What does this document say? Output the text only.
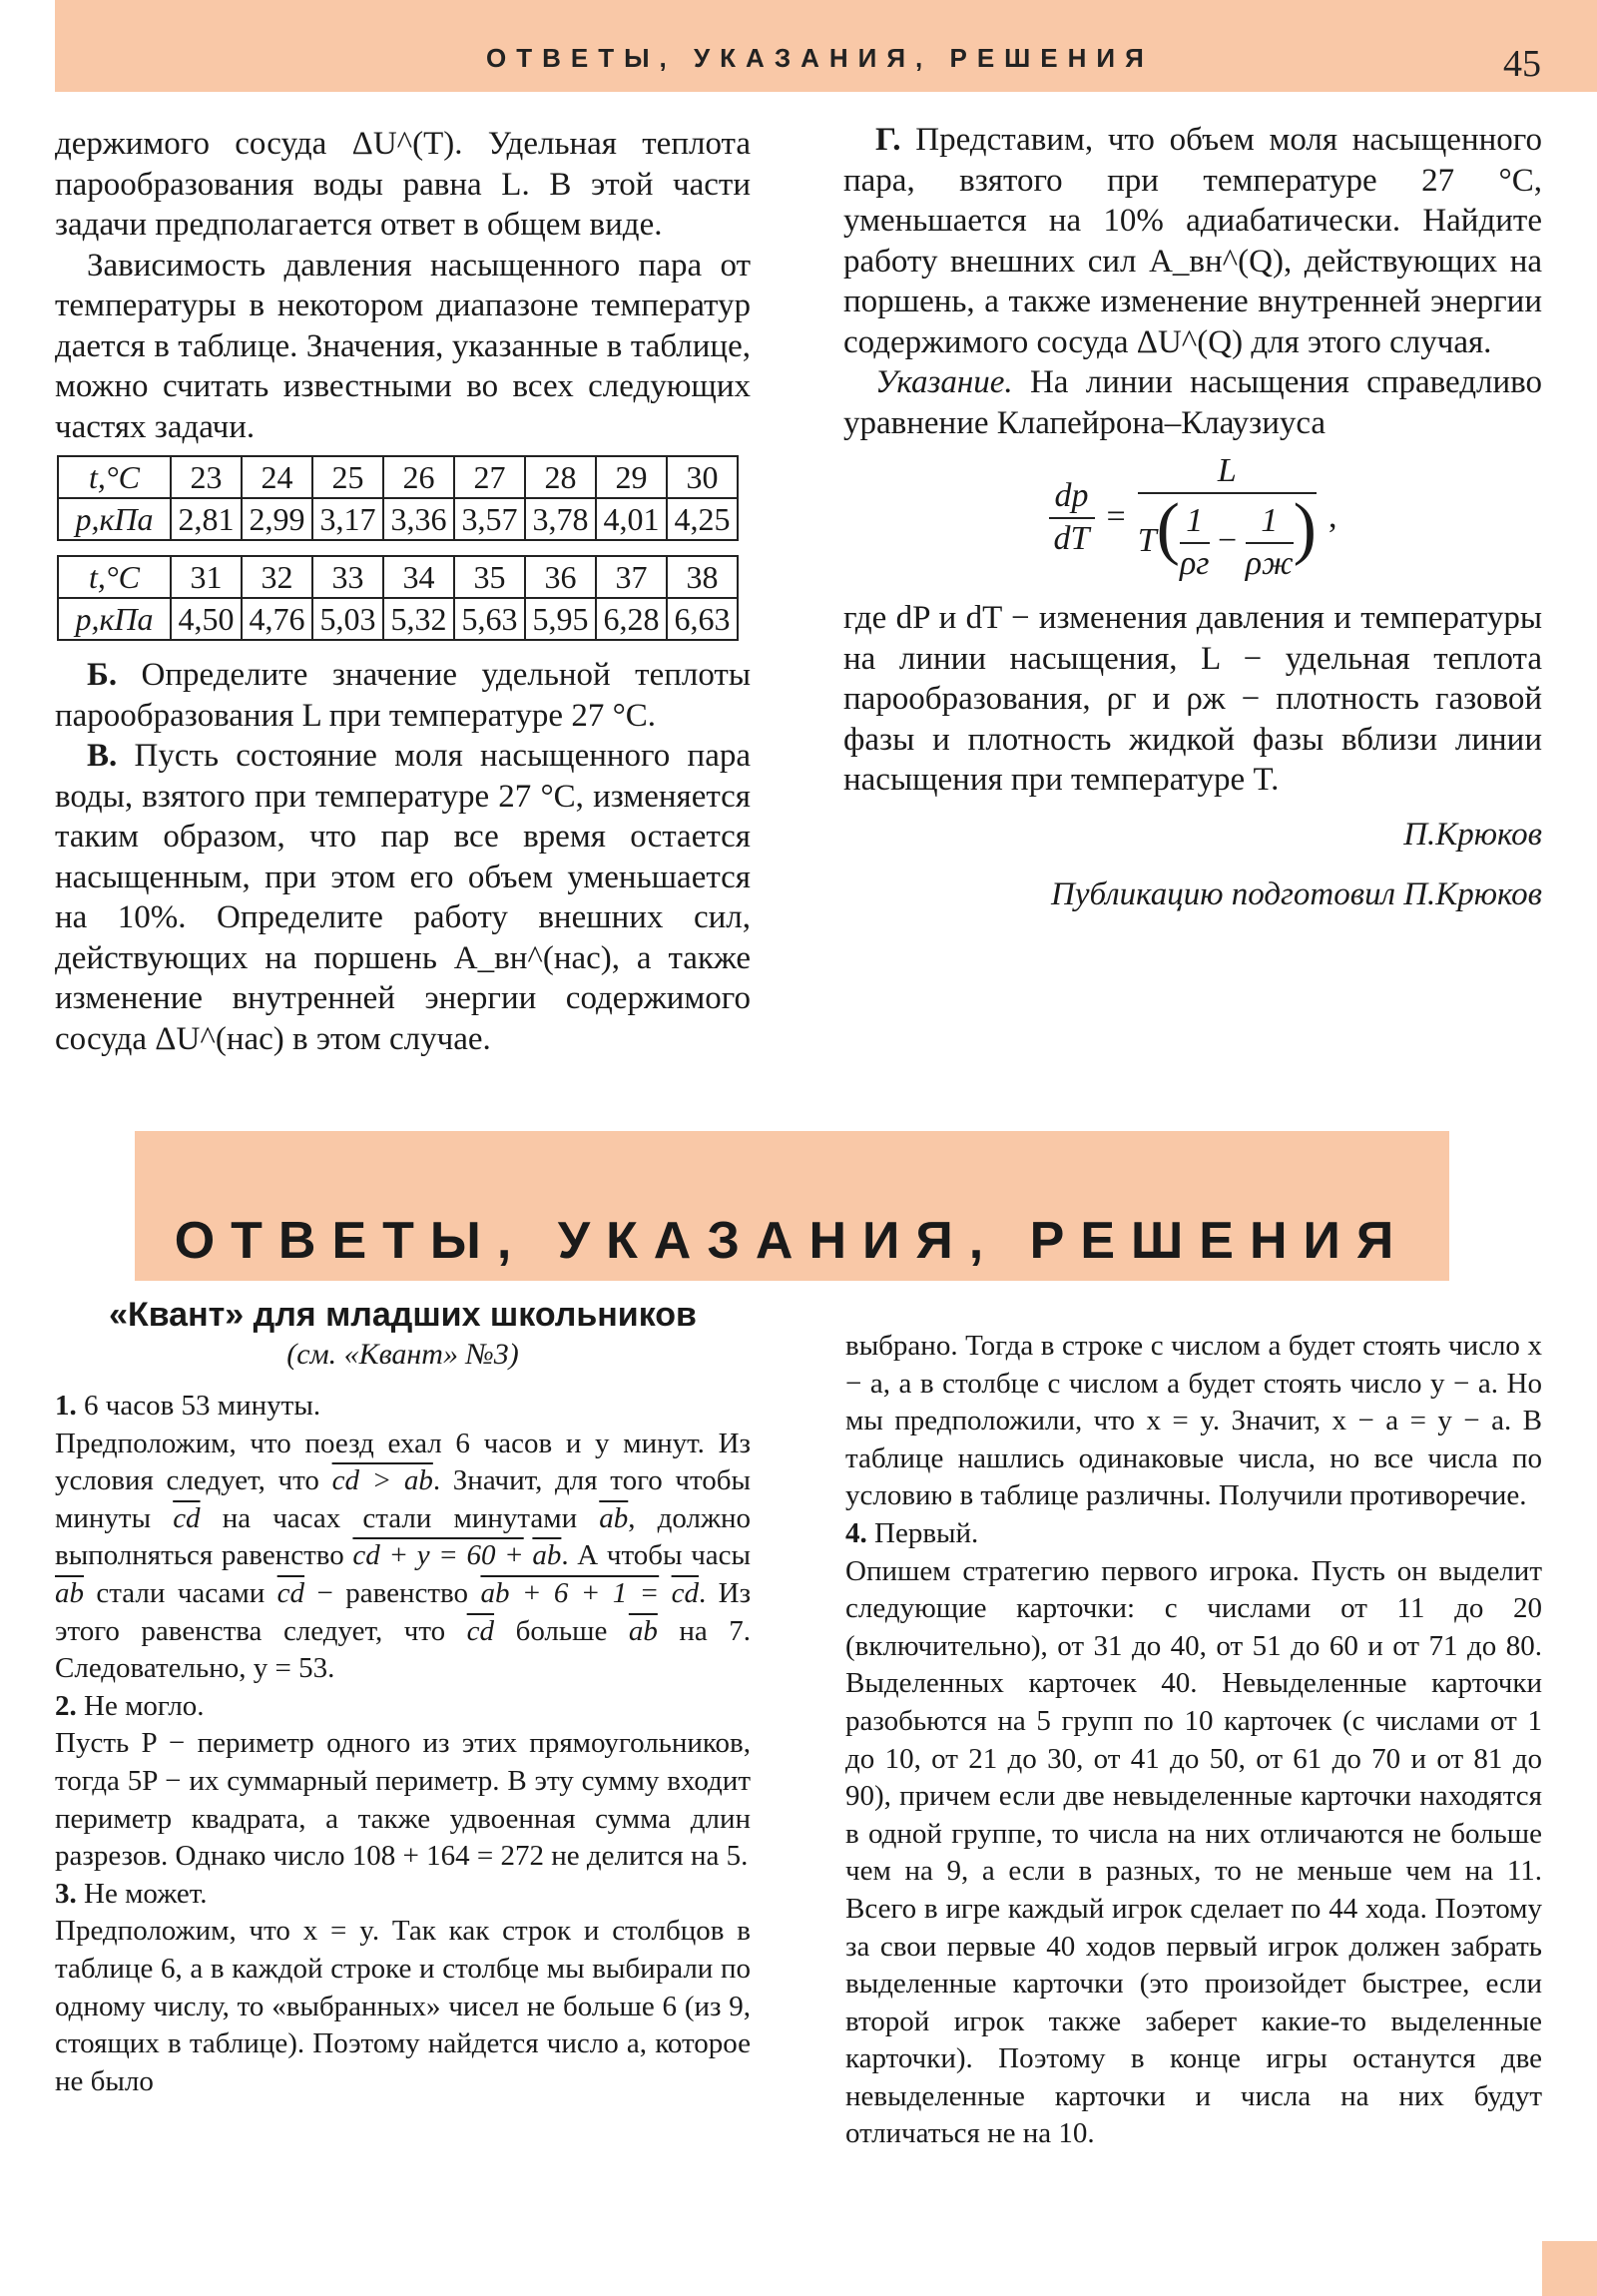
ОТВЕТЫ, УКАЗАНИЯ, РЕШЕНИЯ	45

держимого сосуда ΔU^(T). Удельная теплота парообразования воды равна L. В этой части задачи предполагается ответ в общем виде.

Зависимость давления насыщенного пара от температуры в некотором диапазоне температур дается в таблице. Значения, указанные в таблице, можно считать известными во всех следующих частях задачи.

t,°C	23	24	25	26	27	28	29	30
p,кПа	2,81	2,99	3,17	3,36	3,57	3,78	4,01	4,25
t,°C	31	32	33	34	35	36	37	38
p,кПа	4,50	4,76	5,03	5,32	5,63	5,95	6,28	6,63

Б. Определите значение удельной теплоты парообразования L при температуре 27 °C.

В. Пусть состояние моля насыщенного пара воды, взятого при температуре 27 °C, изменяется таким образом, что пар все время остается насыщенным, при этом его объем уменьшается на 10%. Определите работу внешних сил, действующих на поршень A_вн^(нас), а также изменение внутренней энергии содержимого сосуда ΔU^(нас) в этом случае.

Г. Представим, что объем моля насыщенного пара, взятого при температуре 27 °C, уменьшается на 10% адиабатически. Найдите работу внешних сил A_вн^(Q), действующих на поршень, а также изменение внутренней энергии содержимого сосуда ΔU^(Q) для этого случая.

Указание. На линии насыщения справедливо уравнение Клапейрона–Клаузиуса

$\frac{dp}{dT} = \frac{L}{T( \frac{1}{\rho г} - \frac{1}{\rho ж} )}$ ,

где dP и dT − изменения давления и температуры на линии насыщения, L − удельная теплота парообразования, ρг и ρж − плотность газовой фазы и плотность жидкой фазы вблизи линии насыщения при температуре T.

П.Крюков

Публикацию подготовил П.Крюков

ОТВЕТЫ, УКАЗАНИЯ, РЕШЕНИЯ
«Квант» для младших школьников
(см. «Квант» №3)

1. 6 часов 53 минуты.

Предположим, что поезд ехал 6 часов и y минут. Из условия следует, что cd > ab. Значит, для того чтобы минуты $\overline{cd}$ на часах стали минутами $\overline{ab}$, должно выполняться равенство cd + $y = 60 + \overline{ab}$. А чтобы часы $\overline{ab}$ стали часами $\overline{cd}$ − равенство ab + $6 + 1 = \overline{cd}$. Из этого равенства следует, что $\overline{cd}$ больше $\overline{ab}$ на 7. Следовательно, y = 53.

2. Не могло.

Пусть P − периметр одного из этих прямоугольников, тогда 5P − их суммарный периметр. В эту сумму входит периметр квадрата, а также удвоенная сумма длин разрезов. Однако число 108 + 164 = 272 не делится на 5.

3. Не может.

Предположим, что x = y. Так как строк и столбцов в таблице 6, а в каждой строке и столбце мы выбирали по одному числу, то «выбранных» чисел не больше 6 (из 9, стоящих в таблице). Поэтому найдется число a, которое не было

выбрано. Тогда в строке с числом a будет стоять число x − a, а в столбце с числом a будет стоять число y − a. Но мы предположили, что x = y. Значит, x − a = y − a. В таблице нашлись одинаковые числа, но все числа по условию в таблице различны. Получили противоречие.

4. Первый.

Опишем стратегию первого игрока. Пусть он выделит следующие карточки: с числами от 11 до 20 (включительно), от 31 до 40, от 51 до 60 и от 71 до 80. Выделенных карточек 40. Невыделенные карточки разобьются на 5 групп по 10 карточек (с числами от 1 до 10, от 21 до 30, от 41 до 50, от 61 до 70 и от 81 до 90), причем если две невыделенные карточки находятся в одной группе, то числа на них отличаются не больше чем на 9, а если в разных, то не меньше чем на 11. Всего в игре каждый игрок сделает по 44 хода. Поэтому за свои первые 40 ходов первый игрок должен забрать выделенные карточки (это произойдет быстрее, если второй игрок также заберет какие-то выделенные карточки). Поэтому в конце игры останутся две невыделенные карточки и числа на них будут отличаться не на 10.
